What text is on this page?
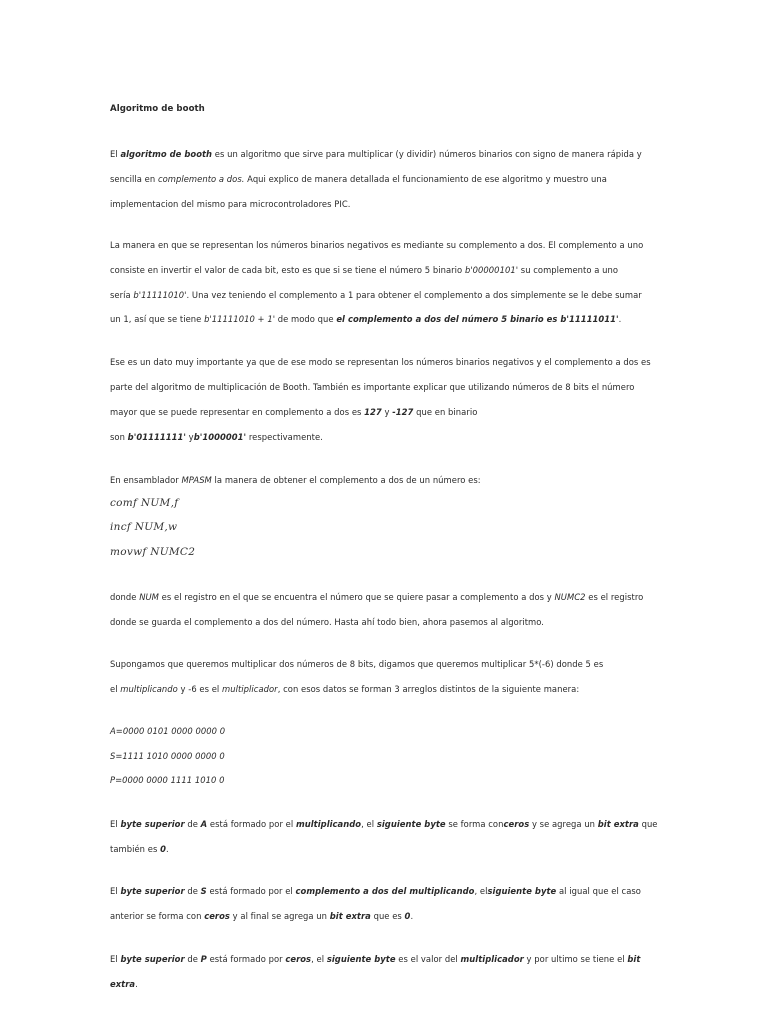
Algoritmo de booth
El algoritmo de booth es un algoritmo que sirve para multiplicar (y dividir) números binarios con signo de manera rápida y
sencilla en complemento a dos. Aqui explico de manera detallada el funcionamiento de ese algoritmo y muestro una
implementacion del mismo para microcontroladores PIC.
La manera en que se representan los números binarios negativos es mediante su complemento a dos. El complemento a uno
consiste en invertir el valor de cada bit, esto es que si se tiene el número 5 binario b'00000101' su complemento a uno
sería b'11111010'. Una vez teniendo el complemento a 1 para obtener el complemento a dos simplemente se le debe sumar
un 1, así que se tiene b'11111010 + 1' de modo que el complemento a dos del número 5 binario es b'11111011'.
Ese es un dato muy importante ya que de ese modo se representan los números binarios negativos y el complemento a dos es
parte del algoritmo de multiplicación de Booth. También es importante explicar que utilizando números de 8 bits el número
mayor que se puede representar en complemento a dos es 127 y -127 que en binario
son b'01111111' yb'1000001' respectivamente.
En ensamblador MPASM la manera de obtener el complemento a dos de un número es:
comf NUM,f
incf NUM,w
movwf NUMC2
donde NUM es el registro en el que se encuentra el número que se quiere pasar a complemento a dos y NUMC2 es el registro
donde se guarda el complemento a dos del número. Hasta ahí todo bien, ahora pasemos al algoritmo.
Supongamos que queremos multiplicar dos números de 8 bits, digamos que queremos multiplicar 5*(-6) donde 5 es
el multiplicando y -6 es el multiplicador, con esos datos se forman 3 arreglos distintos de la siguiente manera:
A=0000 0101 0000 0000 0
S=1111 1010 0000 0000 0
P=0000 0000 1111 1010 0
El byte superior de A está formado por el multiplicando, el siguiente byte se forma conceros y se agrega un bit extra que
también es 0.
El byte superior de S está formado por el complemento a dos del multiplicando, elsiguiente byte al igual que el caso
anterior se forma con ceros y al final se agrega un bit extra que es 0.
El byte superior de P está formado por ceros, el siguiente byte es el valor del multiplicador y por ultimo se tiene el bit
extra.
